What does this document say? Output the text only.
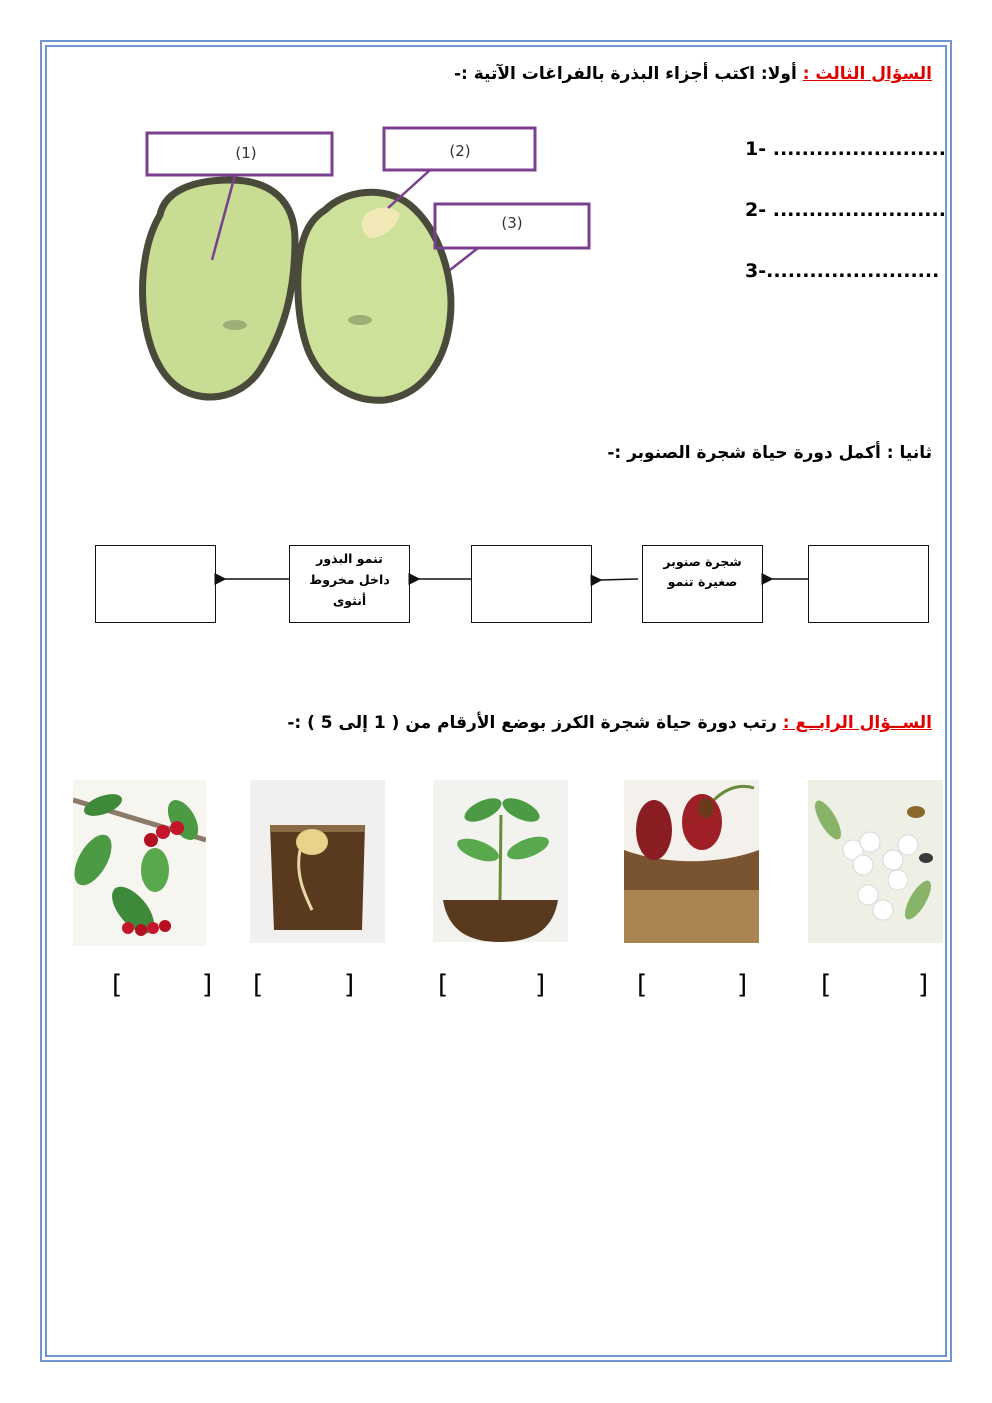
السؤال الثالث : أولا: اكتب أجزاء البذرة بالفراغات الآتية :-
(1)	(2)
(3)
1- ........................
2- ........................
3-........................
ثانيا : أكمل دورة حياة شجرة الصنوبر :-
شجرة صنوبر
صغيرة تنمو
تنمو البذور
داخل مخروط
أنثوى
الســؤال الرابــع : رتب دورة حياة شجرة الكرز بوضع الأرقام من ( 1 إلى 5 ) :-
[	] [	]	[	]	[	]	[	]
